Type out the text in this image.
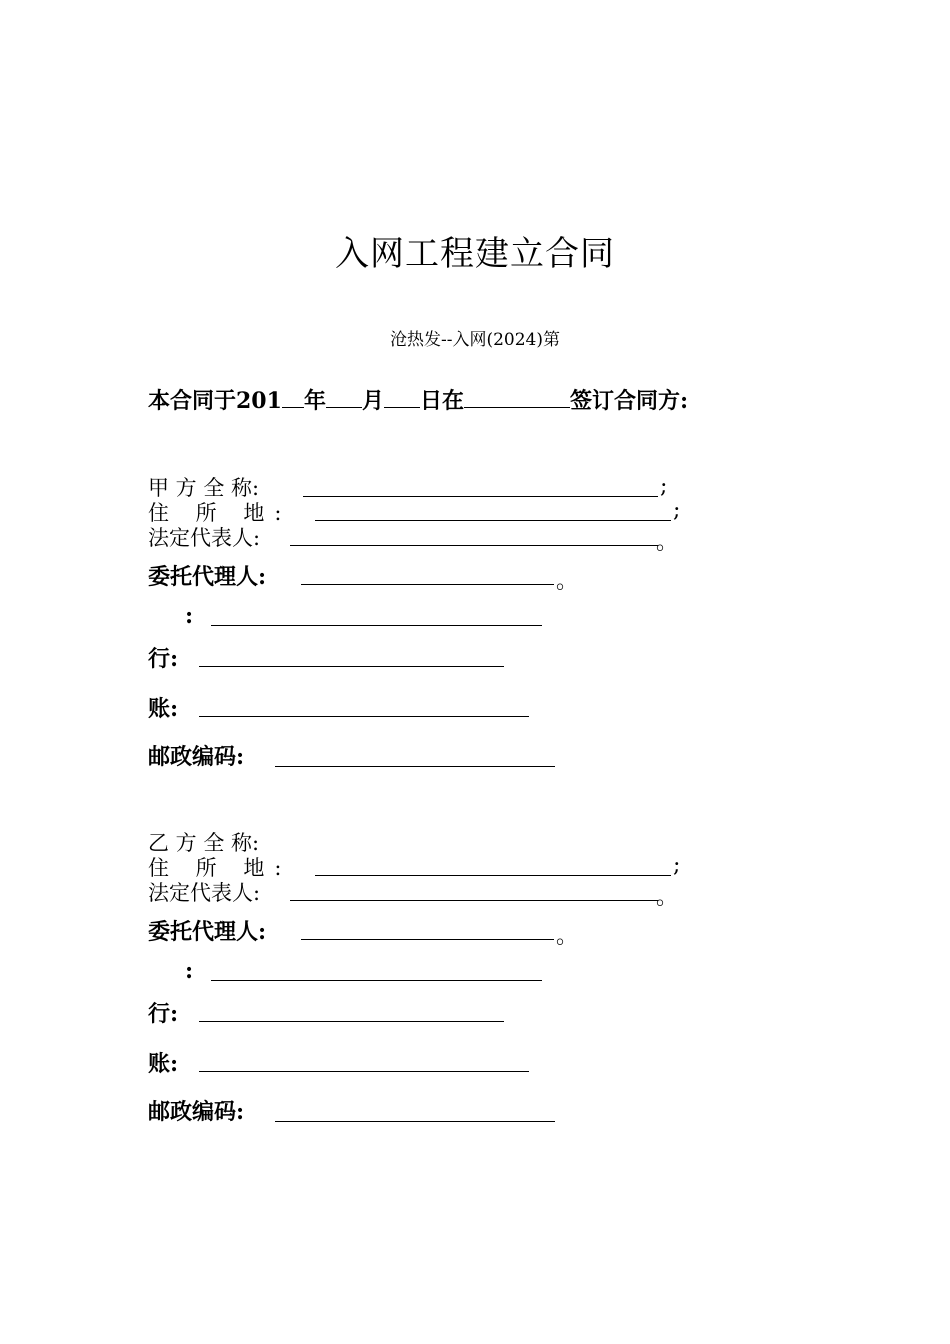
入网工程建立合同
沧热发--入网(2024)第
本合同于201 年 月 日在	签订合同方:
甲 方 全 称:	;
住 所 地:	;
法定代表人:	。
委托代理人:	。
:
行:
账:
邮政编码:
乙 方 全 称:
住 所 地:	;
法定代表人:	。
委托代理人:	。
:
行:
账:
邮政编码:
